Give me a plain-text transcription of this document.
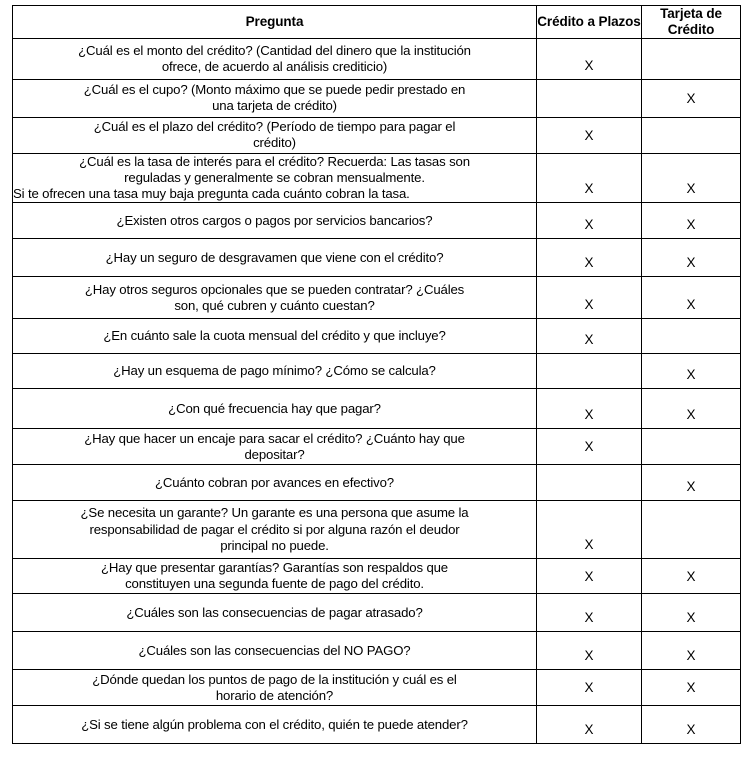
Pregunta	Crédito a Plazos	Tarjeta de Crédito

¿Cuál es el monto del crédito? (Cantidad del dinero que la institución
ofrece, de acuerdo al análisis crediticio)	X	

¿Cuál es el cupo? (Monto máximo que se puede pedir prestado en
una tarjeta de crédito)		X

¿Cuál es el plazo del crédito? (Período de tiempo para pagar el
crédito)	X	

¿Cuál es la tasa de interés para el crédito? Recuerda: Las tasas son
reguladas y generalmente se cobran mensualmente.
Si te ofrecen una tasa muy baja pregunta cada cuánto cobran la tasa.	X	X

¿Existen otros cargos o pagos por servicios bancarios?	X	X

¿Hay un seguro de desgravamen que viene con el crédito?	X	X

¿Hay otros seguros opcionales que se pueden contratar? ¿Cuáles
son, qué cubren y cuánto cuestan?	X	X

¿En cuánto sale la cuota mensual del crédito y que incluye?	X	

¿Hay un esquema de pago mínimo? ¿Cómo se calcula?		X

¿Con qué frecuencia hay que pagar?	X	X

¿Hay que hacer un encaje para sacar el crédito? ¿Cuánto hay que
depositar?	X	

¿Cuánto cobran por avances en efectivo?		X

¿Se necesita un garante? Un garante es una persona que asume la
responsabilidad de pagar el crédito si por alguna razón el deudor
principal no puede.	X	

¿Hay que presentar garantías? Garantías son respaldos que
constituyen una segunda fuente de pago del crédito.	X	X

¿Cuáles son las consecuencias de pagar atrasado?	X	X

¿Cuáles son las consecuencias del NO PAGO?	X	X

¿Dónde quedan los puntos de pago de la institución y cuál es el
horario de atención?	X	X

¿Si se tiene algún problema con el crédito, quién te puede atender?	X	X
